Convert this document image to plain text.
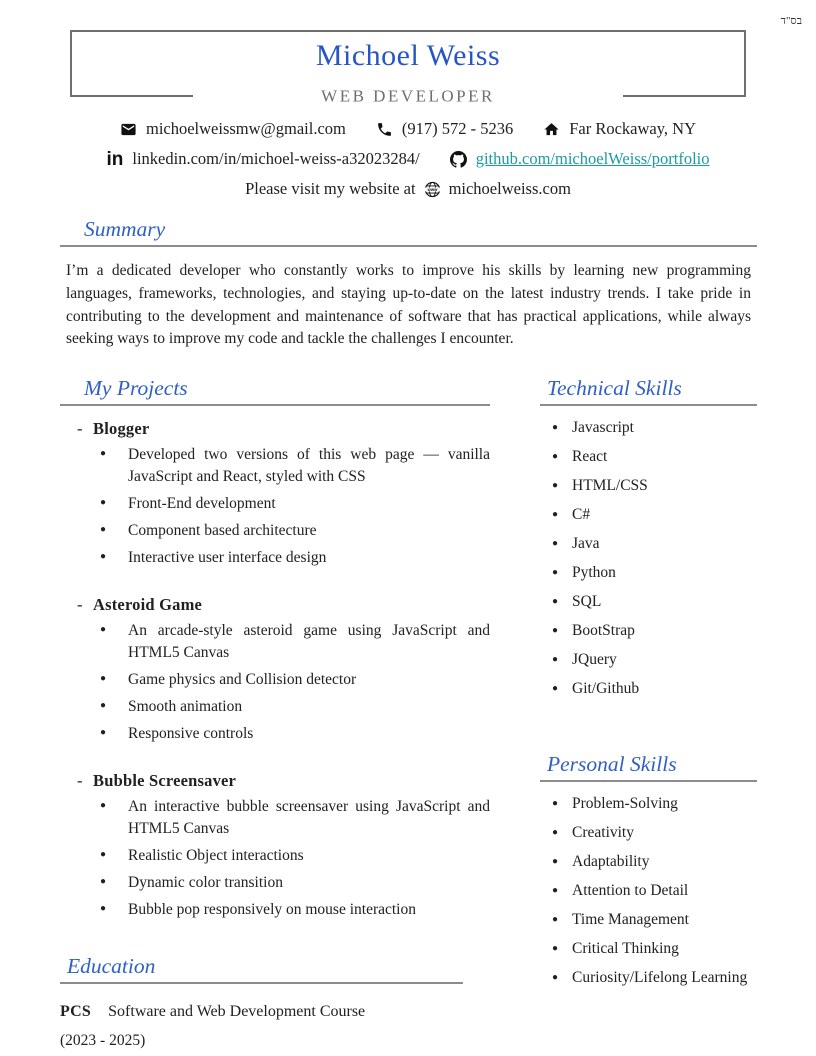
בס"ד
Michoel Weiss
WEB DEVELOPER
michoelweissmw@gmail.com	(917) 572 - 5236	Far Rockaway, NY
in linkedin.com/in/michoel-weiss-a32023284/	github.com/michoelWeiss/portfolio
Please visit my website at www michoelweiss.com
Summary

I’m a dedicated developer who constantly works to improve his skills by learning new programming languages, frameworks, technologies, and staying up-to-date on the latest industry trends. I take pride in contributing to the development and maintenance of software that has practical applications, while always seeking ways to improve my code and tackle the challenges I encounter.

My Projects
- Blogger
●	Developed two versions of this web page — vanilla JavaScript and React, styled with CSS
●	Front-End development
●	Component based architecture
●	Interactive user interface design
- Asteroid Game
●	An arcade-style asteroid game using JavaScript and HTML5 Canvas
●	Game physics and Collision detector
●	Smooth animation
●	Responsive controls
- Bubble Screensaver
●	An interactive bubble screensaver using JavaScript and HTML5 Canvas
●	Realistic Object interactions
●	Dynamic color transition
●	Bubble pop responsively on mouse interaction
Education
PCS Software and Web Development Course
(2023 - 2025)
Technical Skills
● Javascript
● React
● HTML/CSS
● C#
● Java
● Python
● SQL
● BootStrap
● JQuery
● Git/Github
Personal Skills
● Problem-Solving
● Creativity
● Adaptability
● Attention to Detail
● Time Management
● Critical Thinking
● Curiosity/Lifelong Learning
